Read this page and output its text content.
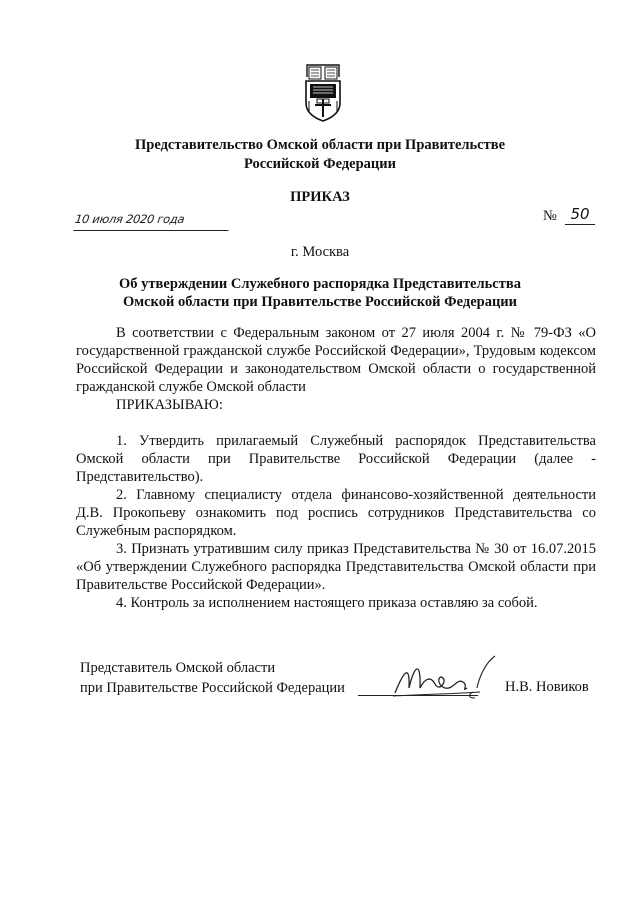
Представительство Омской области при Правительстве
Российской Федерации
ПРИКАЗ
10 июля 2020 года	№ 50
г. Москва
Об утверждении Служебного распорядка Представительства
Омской области при Правительстве Российской Федерации
В соответствии с Федеральным законом от 27 июля 2004 г. № 79-ФЗ «О государственной гражданской службе Российской Федерации», Трудовым кодексом Российской Федерации и законодательством Омской области о государственной гражданской службе Омской области
ПРИКАЗЫВАЮ:

1. Утвердить прилагаемый Служебный распорядок Представительства Омской области при Правительстве Российской Федерации (далее - Представительство).

2. Главному специалисту отдела финансово-хозяйственной деятельности Д.В. Прокопьеву ознакомить под роспись сотрудников Представительства со Служебным распорядком.

3. Признать утратившим силу приказ Представительства № 30 от 16.07.2015 «Об утверждении Служебного распорядка Представительства Омской области при Правительстве Российской Федерации».

4. Контроль за исполнением настоящего приказа оставляю за собой.

Представитель Омской области
при Правительстве Российской Федерации	Н.В. Новиков
